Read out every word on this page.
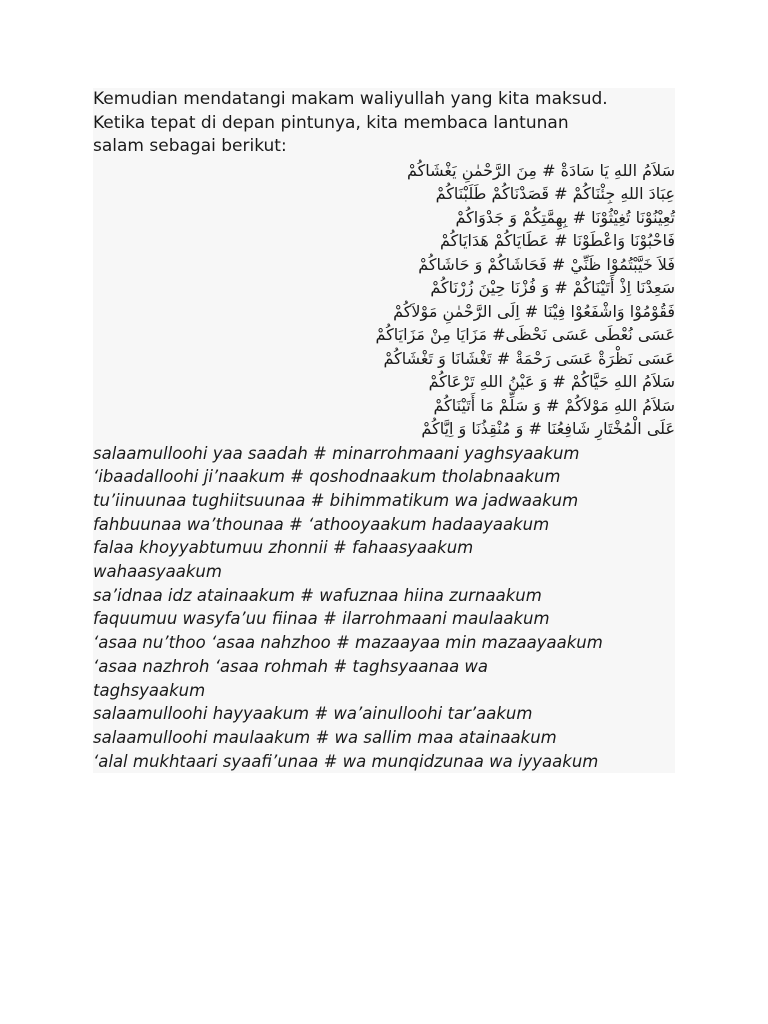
Kemudian mendatangi makam waliyullah yang kita maksud.
Ketika tepat di depan pintunya, kita membaca lantunan
salam sebagai berikut:
سَلاَمُ اللهِ يَا سَادَةْ # مِنَ الرَّحْمٰنِ يَغْشَاكُمْ
عِبَادَ اللهِ جِئْنَاكُمْ # قَصَدْنَاكُمْ طَلَبْنَاكُمْ
تُعِيْنُوْنَا تُغِيْثُوْنَا # بِهِمَّتِكُمْ وَ جَدْوَاكُمْ
فَاحْبُوْنَا وَاعْطَوْنَا # عَطَايَاكُمْ هَدَايَاكُمْ
فَلاَ خَيَّبْتُمُوْا ظَنِّيْ # فَحَاشَاكُمْ وَ حَاشَاكُمْ
سَعِدْنَا اِذْ أَتَيْنَاكُمْ # وَ فُزْنَا حِيْنَ زُرْنَاكُمْ
فَقُوْمُوْا وَاشْفَعُوْا فِيْنَا # اِلَى الرَّحْمٰنِ مَوْلاَكُمْ
عَسَى نُعْطَى عَسَى نَحْظَى# مَزَايَا مِنْ مَزَايَاكُمْ
عَسَى نَظْرَةْ عَسَى رَحْمَةْ # تَغْشَانَا وَ تَغْشَاكُمْ
سَلاَمُ اللهِ حَيَّاكُمْ # وَ عَيْنُ اللهِ تَرْعَاكُمْ
سَلاَمُ اللهِ مَوْلاَكُمْ # وَ سَلِّمْ مَا أَتَيْنَاكُمْ
عَلَى الْمُخْتَارِ شَافِعُنَا # وَ مُنْقِذُنَا وَ اِيَّاكُمْ
salaamulloohi yaa saadah # minarrohmaani yaghsyaakum
‘ibaadalloohi ji’naakum # qoshodnaakum tholabnaakum
tu’iinuunaa tughiitsuunaa # bihimmatikum wa jadwaakum
fahbuunaa wa’thounaa # ‘athooyaakum hadaayaakum
falaa khoyyabtumuu zhonnii # fahaasyaakum
wahaasyaakum
sa’idnaa idz atainaakum # wafuznaa hiina zurnaakum
faquumuu wasyfa’uu fiinaa # ilarrohmaani maulaakum
‘asaa nu’thoo ‘asaa nahzhoo # mazaayaa min mazaayaakum
‘asaa nazhroh ‘asaa rohmah # taghsyaanaa wa
taghsyaakum
salaamulloohi hayyaakum # wa’ainulloohi tar’aakum
salaamulloohi maulaakum # wa sallim maa atainaakum
‘alal mukhtaari syaafi’unaa # wa munqidzunaa wa iyyaakum
